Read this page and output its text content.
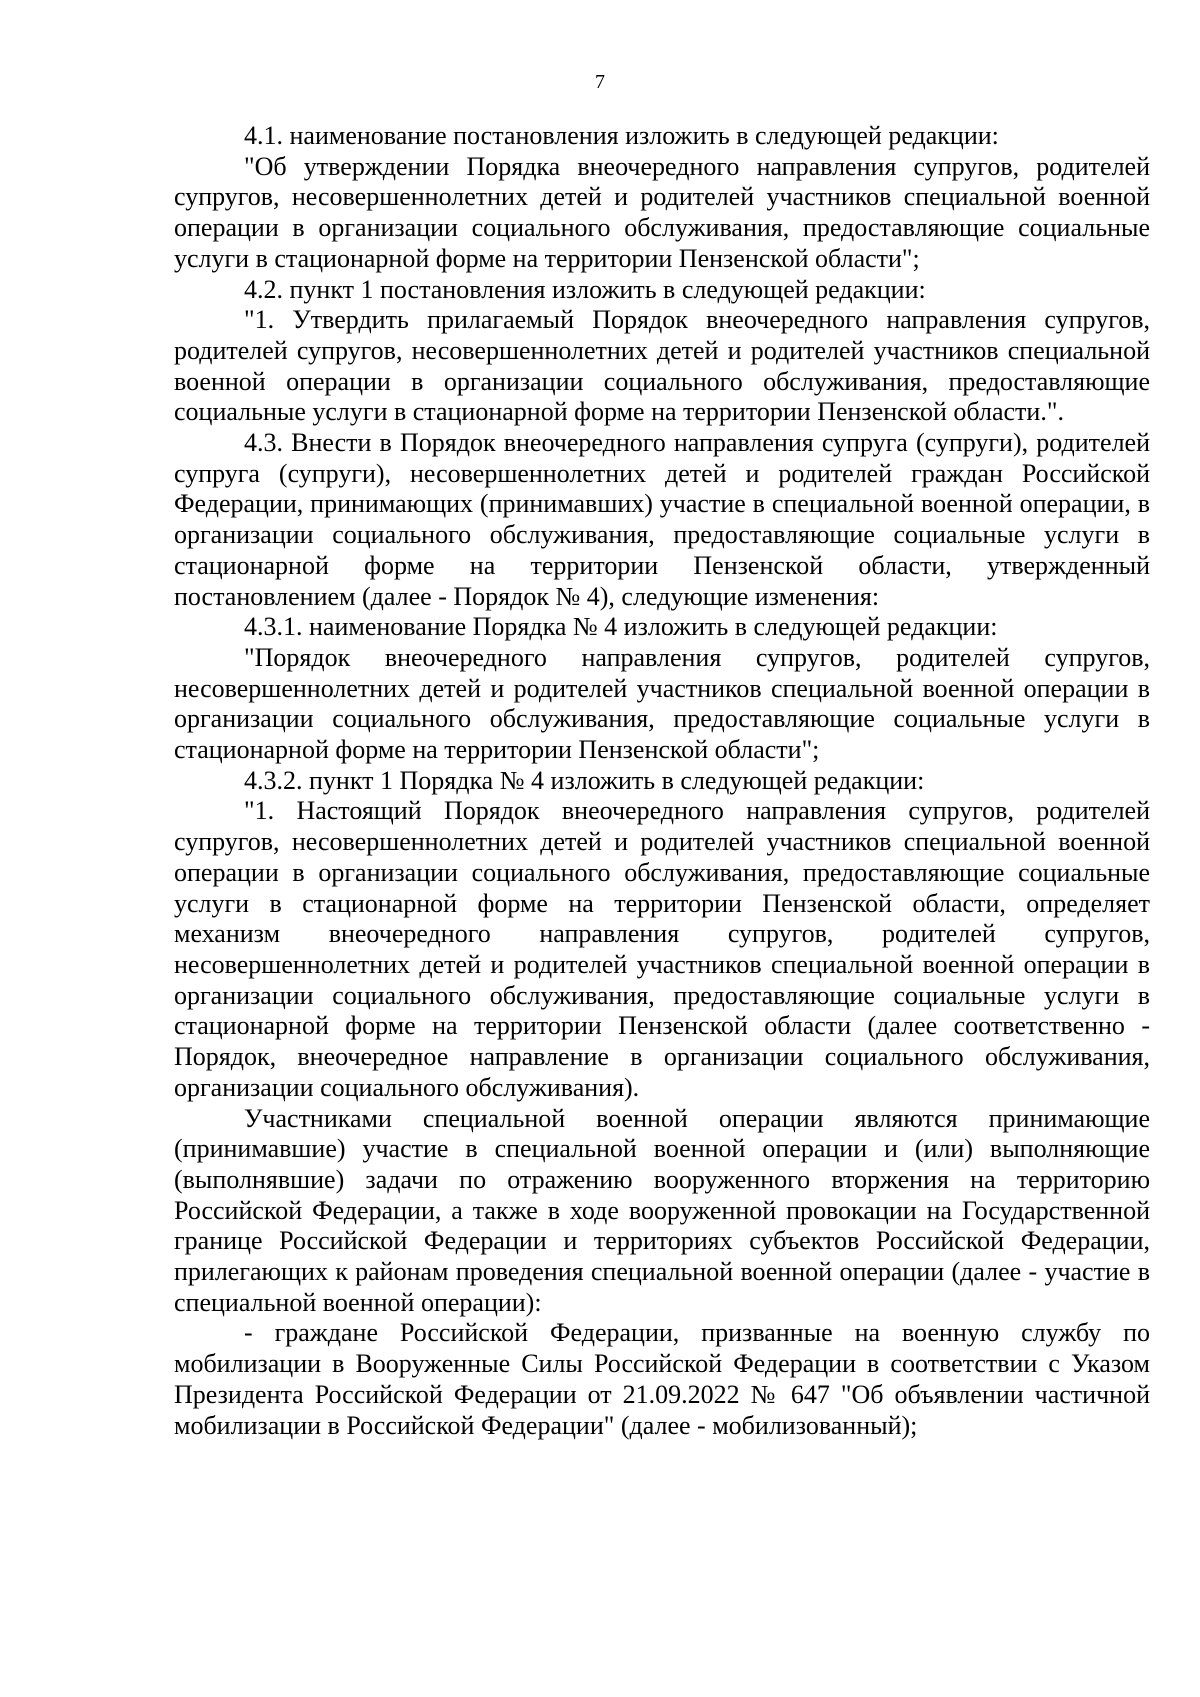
7

4.1. наименование постановления изложить в следующей редакции:

"Об утверждении Порядка внеочередного направления супругов, родителей супругов, несовершеннолетних детей и родителей участников специальной военной операции в организации социального обслуживания, предоставляющие социальные услуги в стационарной форме на территории Пензенской области";

4.2. пункт 1 постановления изложить в следующей редакции:

"1. Утвердить прилагаемый Порядок внеочередного направления супругов, родителей супругов, несовершеннолетних детей и родителей участников специальной военной операции в организации социального обслуживания, предоставляющие социальные услуги в стационарной форме на территории Пензенской области.".

4.3. Внести в Порядок внеочередного направления супруга (супруги), родителей супруга (супруги), несовершеннолетних детей и родителей граждан Российской Федерации, принимающих (принимавших) участие в специальной военной операции, в организации социального обслуживания, предоставляющие социальные услуги в стационарной форме на территории Пензенской области, утвержденный постановлением (далее - Порядок № 4), следующие изменения:

4.3.1. наименование Порядка № 4 изложить в следующей редакции:

"Порядок внеочередного направления супругов, родителей супругов, несовершеннолетних детей и родителей участников специальной военной операции в организации социального обслуживания, предоставляющие социальные услуги в стационарной форме на территории Пензенской области";

4.3.2. пункт 1 Порядка № 4 изложить в следующей редакции:

"1. Настоящий Порядок внеочередного направления супругов, родителей супругов, несовершеннолетних детей и родителей участников специальной военной операции в организации социального обслуживания, предоставляющие социальные услуги в стационарной форме на территории Пензенской области, определяет механизм внеочередного направления супругов, родителей супругов, несовершеннолетних детей и родителей участников специальной военной операции в организации социального обслуживания, предоставляющие социальные услуги в стационарной форме на территории Пензенской области (далее соответственно - Порядок, внеочередное направление в организации социального обслуживания, организации социального обслуживания).

Участниками специальной военной операции являются принимающие (принимавшие) участие в специальной военной операции и (или) выполняющие (выполнявшие) задачи по отражению вооруженного вторжения на территорию Российской Федерации, а также в ходе вооруженной провокации на Государственной границе Российской Федерации и территориях субъектов Российской Федерации, прилегающих к районам проведения специальной военной операции (далее - участие в специальной военной операции):

- граждане Российской Федерации, призванные на военную службу по мобилизации в Вооруженные Силы Российской Федерации в соответствии с Указом Президента Российской Федерации от 21.09.2022 № 647 "Об объявлении частичной мобилизации в Российской Федерации" (далее - мобилизованный);
